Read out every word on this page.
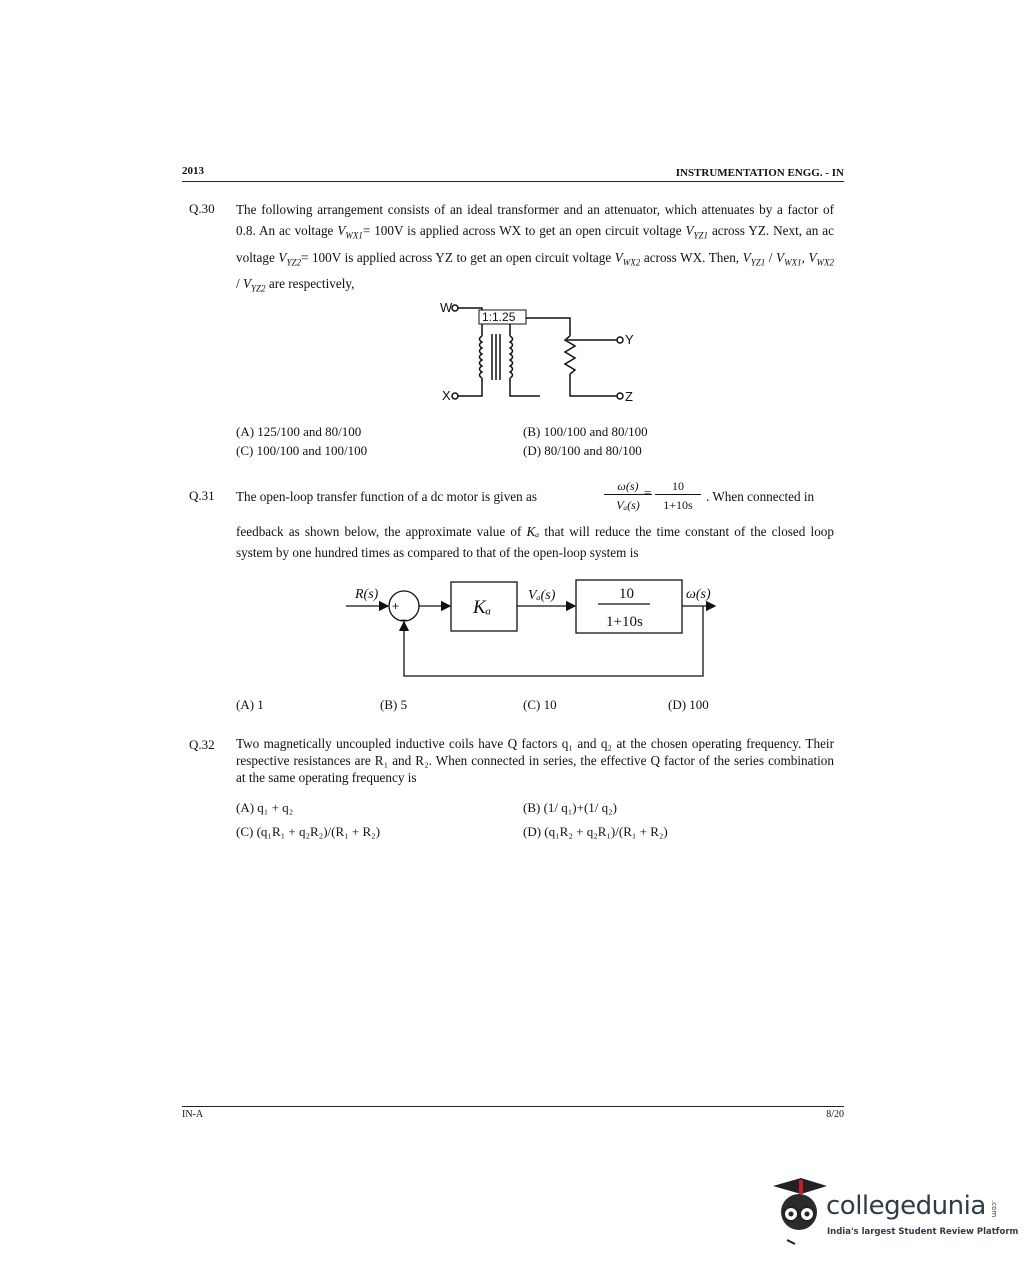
2013	INSTRUMENTATION ENGG. - IN
Q.30 The following arrangement consists of an ideal transformer and an attenuator, which attenuates by a factor of 0.8. An ac voltage $V_{WX1}= 100V$ is applied across WX to get an open circuit voltage $V_{YZ1}$ across YZ. Next, an ac voltage $V_{YZ2}= 100V$ is applied across YZ to get an open circuit voltage $V_{WX2}$ across WX. Then, $V_{YZ1} / V_{WX1}$, $V_{WX2} / V_{YZ2}$ are respectively,
1:1.25
W
X
Y
Z
(A) 125/100 and 80/100	(B) 100/100 and 80/100
(C) 100/100 and 100/100	(D) 80/100 and 80/100
Q.31 The open-loop transfer function of a dc motor is given as
ω(s)
Vₐ(s)
=	10
1+10s
. When connected in
feedback as shown below, the approximate value of Kₐ that will reduce the time constant of the closed loop system by one hundred times as compared to that of the open-loop system is
R(s)
+
−
Kₐ
Vₐ(s)	10
1+10s
ω(s)
(A) 1	(B) 5	(C) 10	(D) 100
Q.32 Two magnetically uncoupled inductive coils have Q factors q₁ and q₂ at the chosen operating frequency. Their respective resistances are R₁ and R₂. When connected in series, the effective Q factor of the series combination at the same operating frequency is
(A) q₁ + q₂	(B) (1/ q₁)+(1/ q₂)
(C) (q₁R₁ + q₂R₂)/(R₁ + R₂)	(D) (q₁R₂ + q₂R₁)/(R₁ + R₂)
IN-A	8/20
collegedunia .com
India's largest Student Review Platform
